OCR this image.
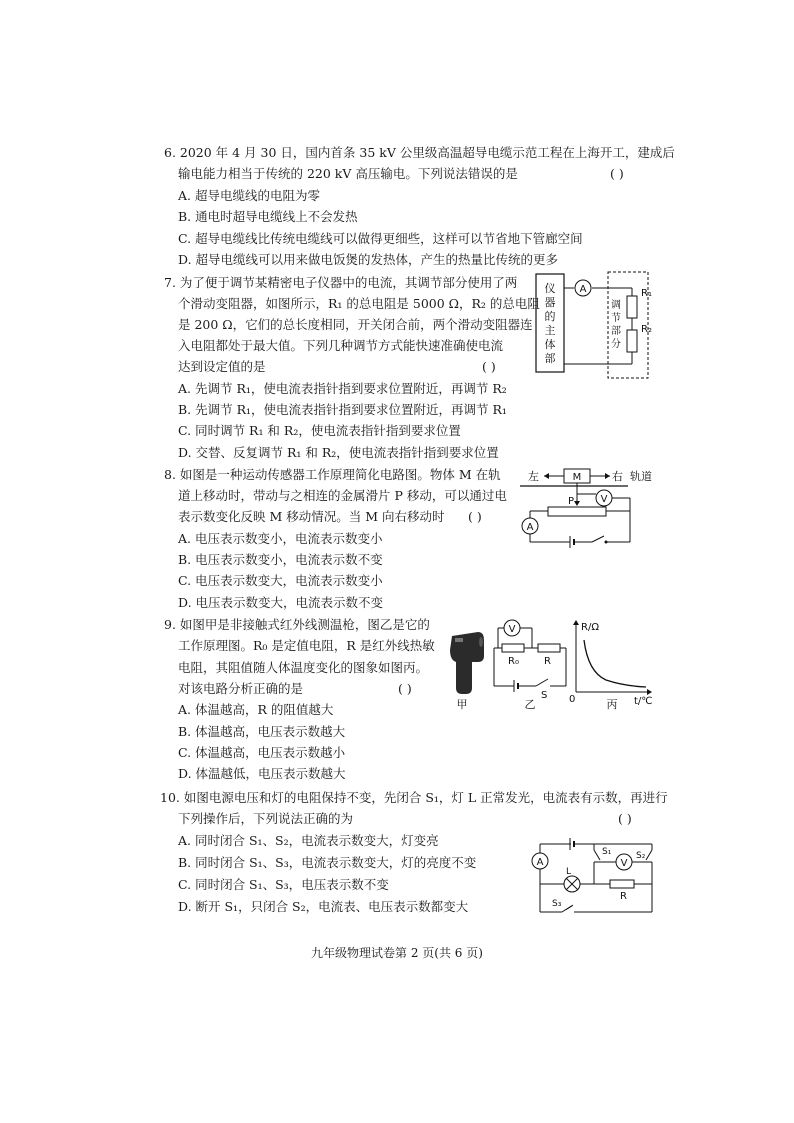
6. 2020 年 4 月 30 日，国内首条 35 kV 公里级高温超导电缆示范工程在上海开工，建成后
输电能力相当于传统的 220 kV 高压输电。下列说法错误的是	( )
A. 超导电缆线的电阻为零
B. 通电时超导电缆线上不会发热
C. 超导电缆线比传统电缆线可以做得更细些，这样可以节省地下管廊空间
D. 超导电缆线可以用来做电饭煲的发热体，产生的热量比传统的更多
7. 为了便于调节某精密电子仪器中的电流，其调节部分使用了两
个滑动变阻器，如图所示，R₁ 的总电阻是 5000 Ω，R₂ 的总电阻
是 200 Ω，它们的总长度相同，开关闭合前，两个滑动变阻器连
入电阻都处于最大值。下列几种调节方式能快速准确使电流
达到设定值的是	( )
A. 先调节 R₁，使电流表指针指到要求位置附近，再调节 R₂
B. 先调节 R₁，使电流表指针指到要求位置附近，再调节 R₁
C. 同时调节 R₁ 和 R₂，使电流表指针指到要求位置
D. 交替、反复调节 R₁ 和 R₂，使电流表指针指到要求位置
仪
器
的
主
体
部
A
调
节
部
分
R₁
R₂
8. 如图是一种运动传感器工作原理简化电路图。物体 M 在轨
道上移动时，带动与之相连的金属滑片 P 移动，可以通过电
表示数变化反映 M 移动情况。当 M 向右移动时 ( )
A. 电压表示数变小，电流表示数变小
B. 电压表示数变小，电流表示数不变
C. 电压表示数变大，电流表示数变小
D. 电压表示数变大，电流表示数不变
左	M	右 轨道
P	V
A
9. 如图甲是非接触式红外线测温枪，图乙是它的
工作原理图。R₀ 是定值电阻，R 是红外线热敏
电阻，其阻值随人体温度变化的图象如图丙。
对该电路分析正确的是	( )
A. 体温越高，R 的阻值越大
B. 体温越高，电压表示数越大
C. 体温越高，电压表示数越小
D. 体温越低，电压表示数越大
甲
V
R₀	R
S
乙
R/Ω
t/℃
0	丙
10. 如图电源电压和灯的电阻保持不变，先闭合 S₁，灯 L 正常发光，电流表有示数，再进行
下列操作后，下列说法正确的为	( )
A. 同时闭合 S₁、S₂，电流表示数变大，灯变亮
B. 同时闭合 S₁、S₃，电流表示数变大，灯的亮度不变
C. 同时闭合 S₁、S₃，电压表示数不变
D. 断开 S₁，只闭合 S₂，电流表、电压表示数都变大
A
S₂
S₁
V
L
R
S₃
九年级物理试卷第 2 页(共 6 页)
